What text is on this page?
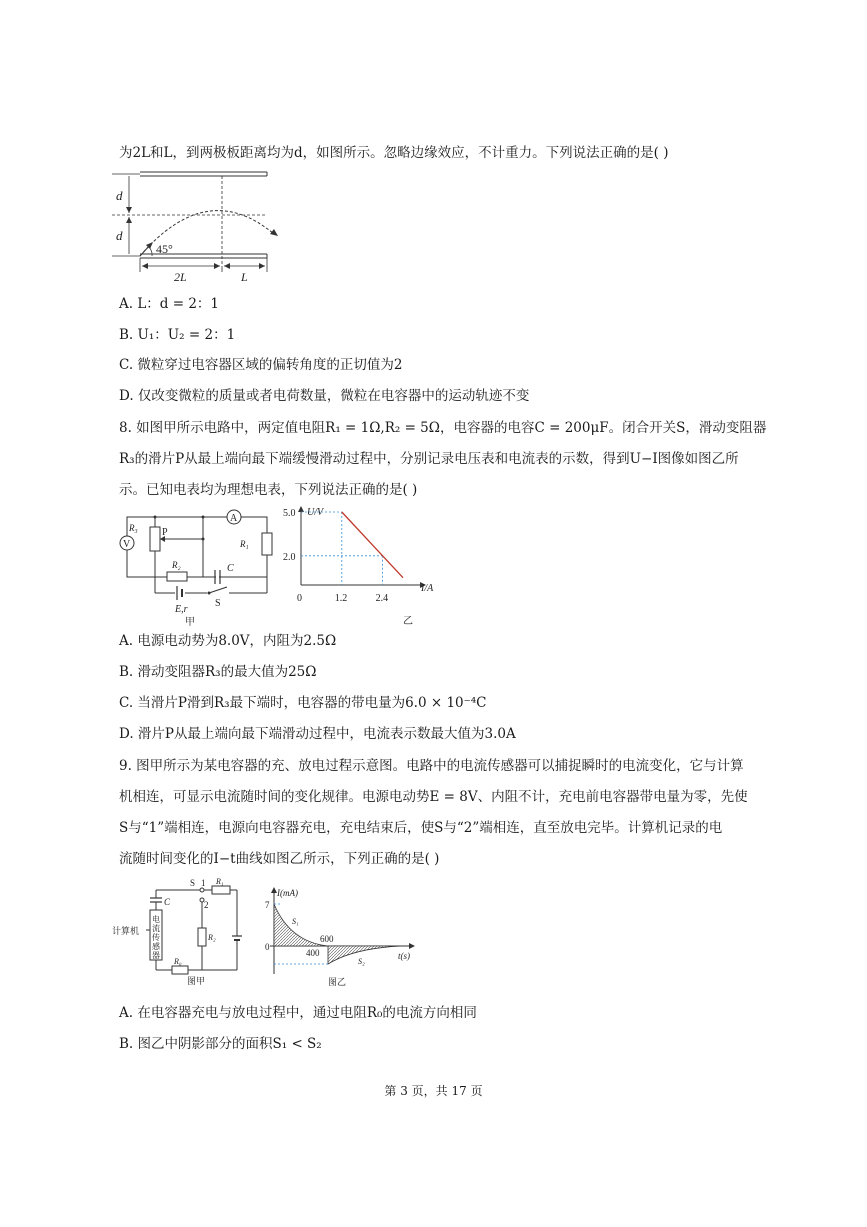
为2L和L，到两极板距离均为d，如图所示。忽略边缘效应，不计重力。下列说法正确的是( )
d
d
45°
2L	L
A. L：d = 2：1
B. U₁：U₂ = 2：1
C. 微粒穿过电容器区域的偏转角度的正切值为2
D. 仅改变微粒的质量或者电荷数量，微粒在电容器中的运动轨迹不变
8. 如图甲所示电路中，两定值电阻R₁ = 1Ω,R₂ = 5Ω，电容器的电容C = 200μF。闭合开关S，滑动变阻器
R₃的滑片P从最上端向最下端缓慢滑动过程中，分别记录电压表和电流表的示数，得到U−I图像如图乙所
示。已知电表均为理想电表，下列说法正确的是( )
A
V
R₃ P
R₁
R₂	C
E,r
S
甲
U/V
I/A
0	1.2	2.4
5.0
2.0
乙
A. 电源电动势为8.0V，内阻为2.5Ω
B. 滑动变阻器R₃的最大值为25Ω
C. 当滑片P滑到R₃最下端时，电容器的带电量为6.0 × 10⁻⁴C
D. 滑片P从最上端向最下端滑动过程中，电流表示数最大值为3.0A
9. 图甲所示为某电容器的充、放电过程示意图。电路中的电流传感器可以捕捉瞬时的电流变化，它与计算
机相连，可显示电流随时间的变化规律。电源电动势E = 8V、内阻不计，充电前电容器带电量为零，先使
S与“1”端相连，电源向电容器充电，充电结束后，使S与“2”端相连，直至放电完毕。计算机记录的电
流随时间变化的I−t曲线如图乙所示，下列正确的是( )
计算机
电
流
传
感
器
C
S 1
2
R₁
R₂
R₀
图甲
I(mA)
t(s)
7
0
400
600
S₁
S₂
图乙
A. 在电容器充电与放电过程中，通过电阻R₀的电流方向相同
B. 图乙中阴影部分的面积S₁ < S₂
第 3 页，共 17 页
